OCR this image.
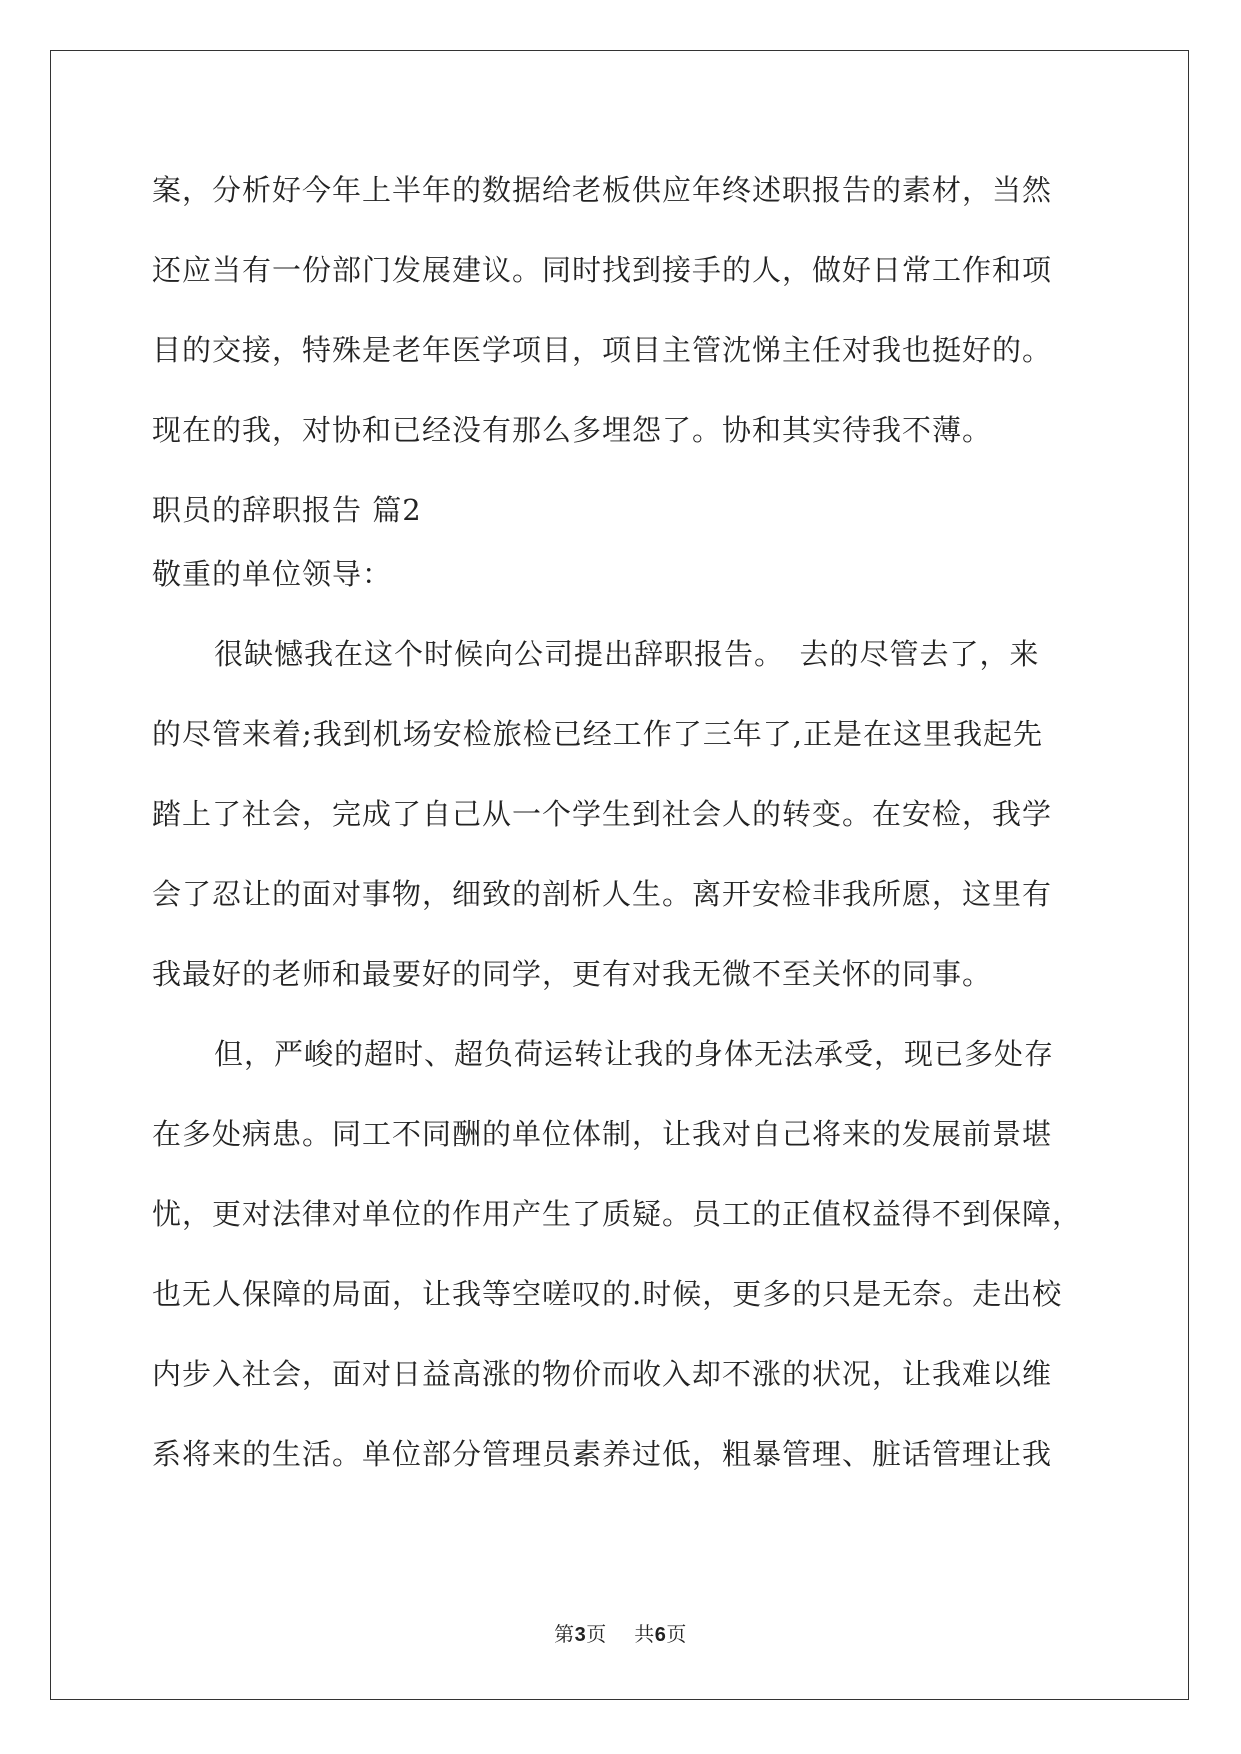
案，分析好今年上半年的数据给老板供应年终述职报告的素材，当然
还应当有一份部门发展建议。同时找到接手的人，做好日常工作和项
目的交接，特殊是老年医学项目，项目主管沈悌主任对我也挺好的。
现在的我，对协和已经没有那么多埋怨了。协和其实待我不薄。
职员的辞职报告 篇2
敬重的单位领导：
很缺憾我在这个时候向公司提出辞职报告。　去的尽管去了，来
的尽管来着;我到机场安检旅检已经工作了三年了,正是在这里我起先
踏上了社会，完成了自己从一个学生到社会人的转变。在安检，我学
会了忍让的面对事物，细致的剖析人生。离开安检非我所愿，这里有
我最好的老师和最要好的同学，更有对我无微不至关怀的同事。
但，严峻的超时、超负荷运转让我的身体无法承受，现已多处存
在多处病患。同工不同酬的单位体制，让我对自己将来的发展前景堪
忧，更对法律对单位的作用产生了质疑。员工的正值权益得不到保障，
也无人保障的局面，让我等空嗟叹的.时候，更多的只是无奈。走出校
内步入社会，面对日益高涨的物价而收入却不涨的状况，让我难以维
系将来的生活。单位部分管理员素养过低，粗暴管理、脏话管理让我
第3页 共6页
